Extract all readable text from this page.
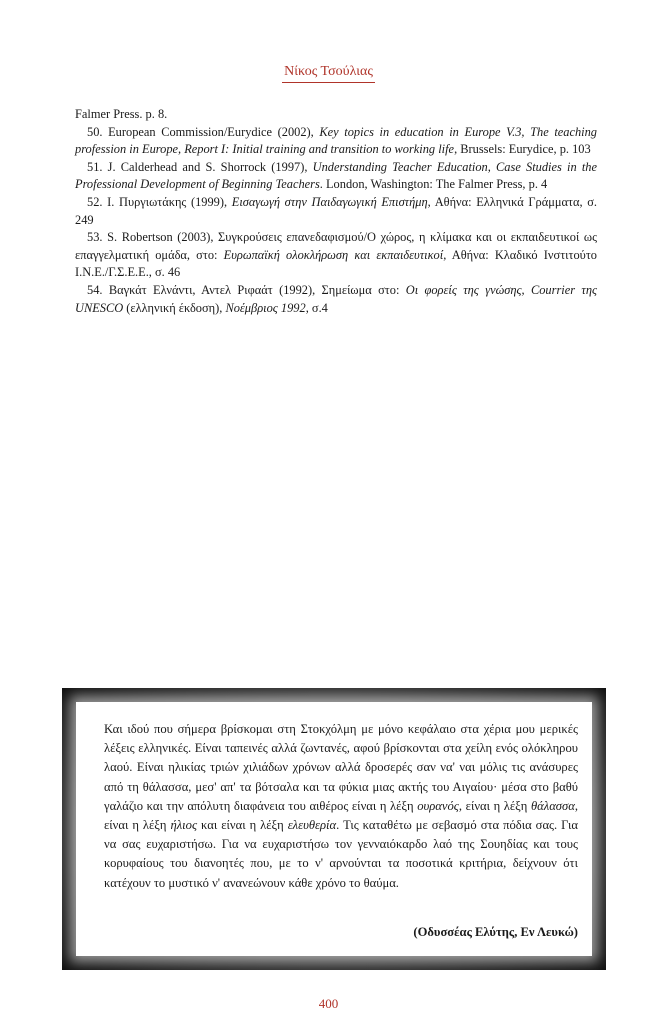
Νίκος Τσούλιας

Falmer Press. p. 8.

50. European Commission/Eurydice (2002), Key topics in education in Europe V.3, The teaching profession in Europe, Report I: Initial training and transition to working life, Brussels: Eurydice, p. 103

51. J. Calderhead and S. Shorrock (1997), Understanding Teacher Education, Case Studies in the Professional Development of Beginning Teachers. London, Washington: The Falmer Press, p. 4

52. Ι. Πυργιωτάκης (1999), Εισαγωγή στην Παιδαγωγική Επιστήμη, Αθήνα: Ελληνικά Γράμματα, σ. 249

53. S. Robertson (2003), Συγκρούσεις επανεδαφισμού/Ο χώρος, η κλίμακα και οι εκπαιδευτικοί ως επαγγελματική ομάδα, στο: Ευρωπαϊκή ολοκλήρωση και εκπαιδευτικοί, Αθήνα: Κλαδικό Ινστιτούτο Ι.Ν.Ε./Γ.Σ.Ε.Ε., σ. 46

54. Βαγκάτ Ελνάντι, Αντελ Ριφαάτ (1992), Σημείωμα στο: Οι φορείς της γνώσης, Courrier της UNESCO (ελληνική έκδοση), Νοέμβριος 1992, σ.4

Και ιδού που σήμερα βρίσκομαι στη Στοκχόλμη με μόνο κεφάλαιο στα χέρια μου μερικές λέξεις ελληνικές. Είναι ταπεινές αλλά ζωντανές, αφού βρίσκονται στα χείλη ενός ολόκληρου λαού. Είναι ηλικίας τριών χιλιάδων χρόνων αλλά δροσερές σαν να' ναι μόλις τις ανάσυρες από τη θάλασσα, μεσ' απ' τα βότσαλα και τα φύκια μιας ακτής του Αιγαίου· μέσα στο βαθύ γαλάζιο και την απόλυτη διαφάνεια του αιθέρος είναι η λέξη ουρανός, είναι η λέξη θάλασσα, είναι η λέξη ήλιος και είναι η λέξη ελευθερία. Τις καταθέτω με σεβασμό στα πόδια σας. Για να σας ευχαριστήσω. Για να ευχαριστήσω τον γενναιόκαρδο λαό της Σουηδίας και τους κορυφαίους του διανοητές που, με το ν' αρνούνται τα ποσοτικά κριτήρια, δείχνουν ότι κατέχουν το μυστικό ν' ανανεώνουν κάθε χρόνο το θαύμα.

(Οδυσσέας Ελύτης, Εν Λευκώ)

400
